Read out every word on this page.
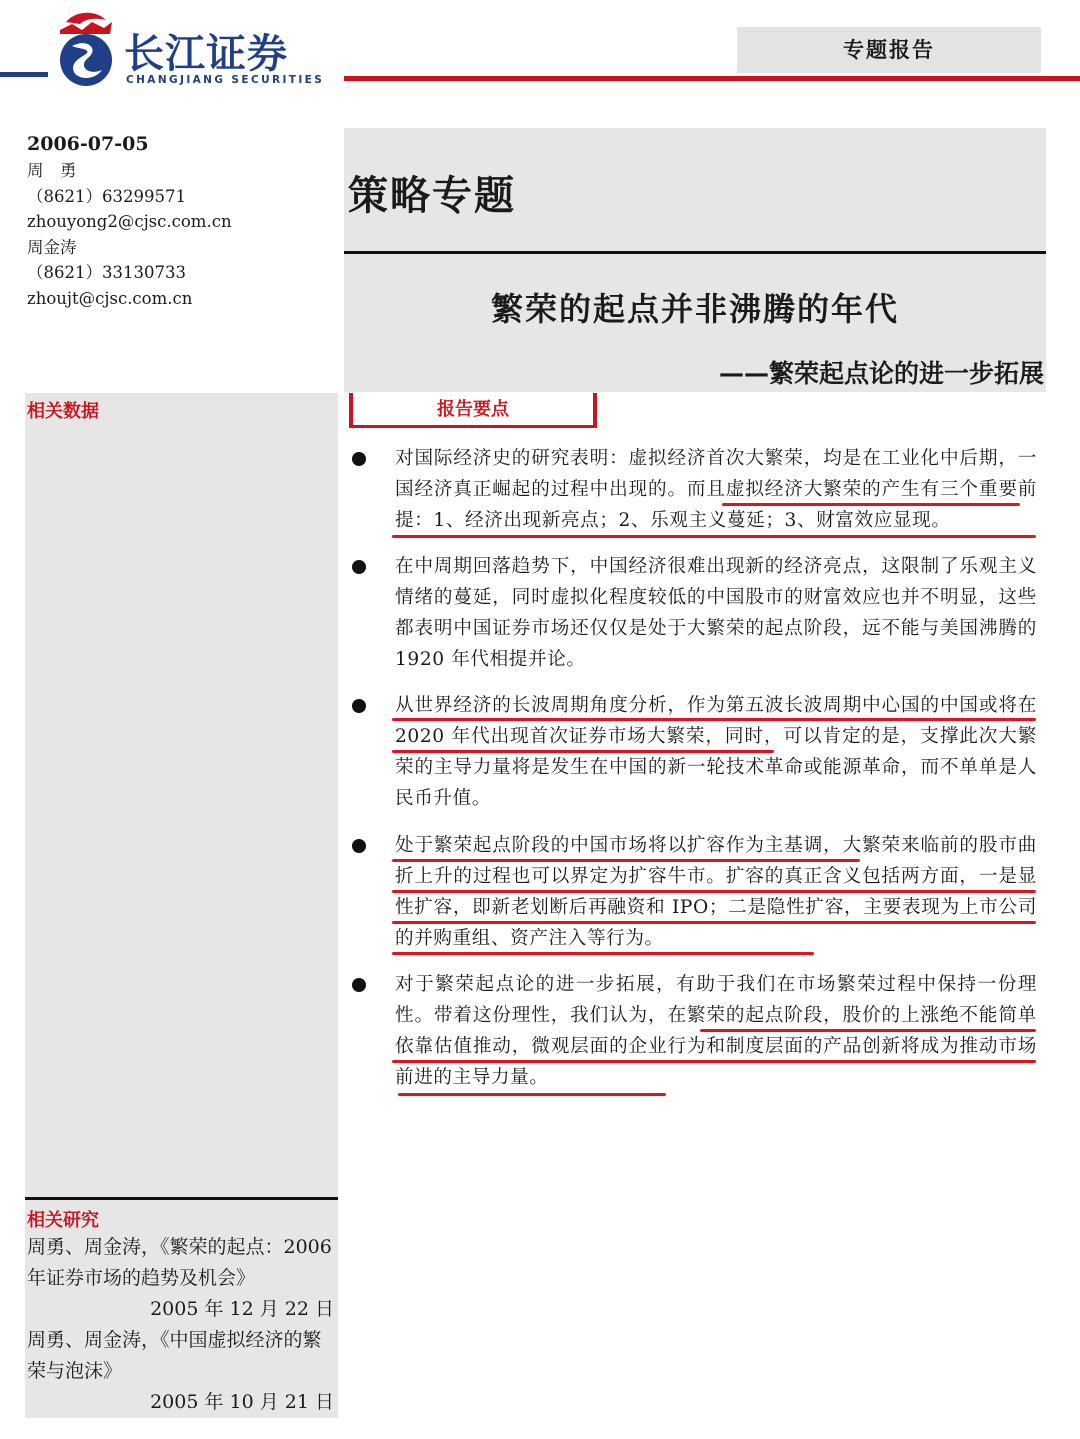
长江证券
CHANGJIANG SECURITIES
专题报告
2006-07-05
周　勇
（8621）63299571
zhouyong2@cjsc.com.cn
周金涛
（8621）33130733
zhoujt@cjsc.com.cn
策略专题
繁荣的起点并非沸腾的年代
——繁荣起点论的进一步拓展
相关数据
相关研究
周勇、周金涛，《繁荣的起点：2006年证券市场的趋势及机会》
2005 年 12 月 22 日
周勇、周金涛，《中国虚拟经济的繁荣与泡沫》
2005 年 10 月 21 日
报告要点
对国际经济史的研究表明：虚拟经济首次大繁荣，均是在工业化中后期，一国经济真正崛起的过程中出现的。而且虚拟经济大繁荣的产生有三个重要前提：1、经济出现新亮点；2、乐观主义蔓延；3、财富效应显现。
在中周期回落趋势下，中国经济很难出现新的经济亮点，这限制了乐观主义情绪的蔓延，同时虚拟化程度较低的中国股市的财富效应也并不明显，这些都表明中国证券市场还仅仅是处于大繁荣的起点阶段，远不能与美国沸腾的 1920 年代相提并论。
从世界经济的长波周期角度分析，作为第五波长波周期中心国的中国或将在 2020 年代出现首次证券市场大繁荣，同时，可以肯定的是，支撑此次大繁荣的主导力量将是发生在中国的新一轮技术革命或能源革命，而不单单是人民币升值。
处于繁荣起点阶段的中国市场将以扩容作为主基调，大繁荣来临前的股市曲折上升的过程也可以界定为扩容牛市。扩容的真正含义包括两方面，一是显性扩容，即新老划断后再融资和 IPO；二是隐性扩容，主要表现为上市公司的并购重组、资产注入等行为。
对于繁荣起点论的进一步拓展，有助于我们在市场繁荣过程中保持一份理性。带着这份理性，我们认为，在繁荣的起点阶段，股价的上涨绝不能简单依靠估值推动，微观层面的企业行为和制度层面的产品创新将成为推动市场前进的主导力量。
